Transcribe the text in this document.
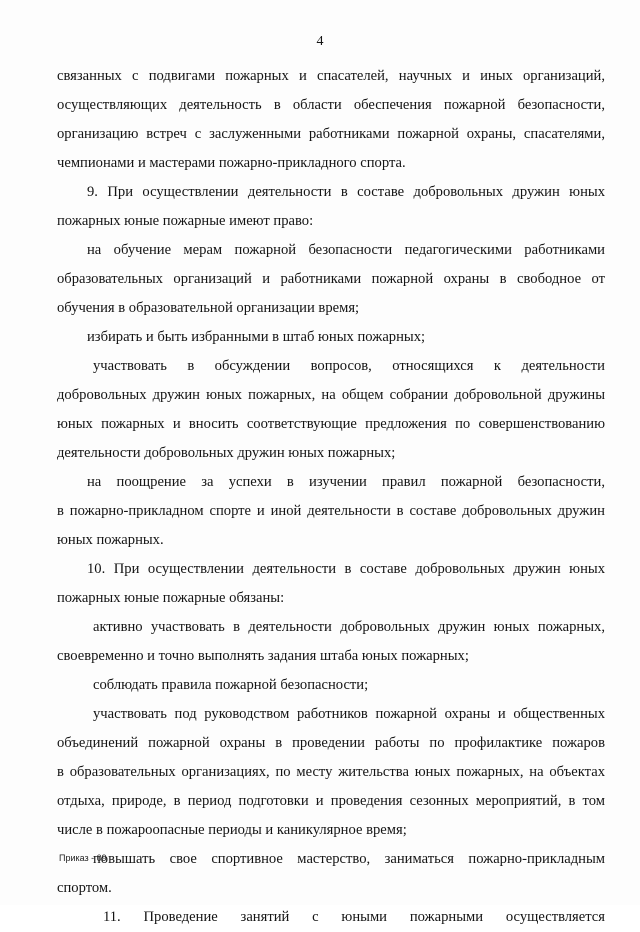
4
связанных с подвигами пожарных и спасателей, научных и иных организаций,
осуществляющих деятельность в области обеспечения пожарной безопасности,
организацию встреч с заслуженными работниками пожарной охраны, спасателями,
чемпионами и мастерами пожарно-прикладного спорта.
9. При осуществлении деятельности в составе добровольных дружин юных
пожарных юные пожарные имеют право:
на обучение мерам пожарной безопасности педагогическими работниками
образовательных организаций и работниками пожарной охраны в свободное от
обучения в образовательной организации время;
избирать и быть избранными в штаб юных пожарных;
участвовать в обсуждении вопросов, относящихся к деятельности
добровольных дружин юных пожарных, на общем собрании добровольной дружины
юных пожарных и вносить соответствующие предложения по совершенствованию
деятельности добровольных дружин юных пожарных;
на поощрение за успехи в изучении правил пожарной безопасности,
в пожарно-прикладном спорте и иной деятельности в составе добровольных дружин
юных пожарных.
10. При осуществлении деятельности в составе добровольных дружин юных
пожарных юные пожарные обязаны:
активно участвовать в деятельности добровольных дружин юных пожарных,
своевременно и точно выполнять задания штаба юных пожарных;
соблюдать правила пожарной безопасности;
участвовать под руководством работников пожарной охраны и общественных
объединений пожарной охраны в проведении работы по профилактике пожаров
в образовательных организациях, по месту жительства юных пожарных, на объектах
отдыха, природе, в период подготовки и проведения сезонных мероприятий, в том
числе в пожароопасные периоды и каникулярное время;
повышать свое спортивное мастерство, заниматься пожарно-прикладным
спортом.
11. Проведение занятий с юными пожарными осуществляется
Приказ - 09
